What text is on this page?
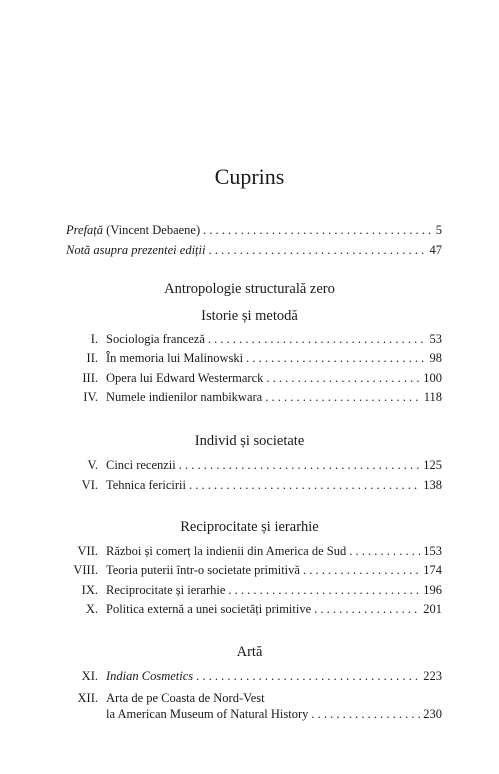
Cuprins
Prefață (Vincent Debaene) . . .	5
Notă asupra prezentei ediții . . .	47
Antropologie structurală zero
Istorie și metodă
I. Sociologia franceză . . .	53
II. În memoria lui Malinowski . . .	98
III. Opera lui Edward Westermarck . . .	100
IV. Numele indienilor nambikwara . . .	118
Individ și societate
V. Cinci recenzii . . .	125
VI. Tehnica fericirii . . .	138
Reciprocitate și ierarhie
VII. Război și comerț la indienii din America de Sud . . .	153
VIII. Teoria puterii într-o societate primitivă . . .	174
IX. Reciprocitate și ierarhie . . .	196
X. Politica externă a unei societăți primitive . . .	201
Artă
XI. Indian Cosmetics . . .	223
XII. Arta de pe Coasta de Nord-Vest
la American Museum of Natural History . . .	230
